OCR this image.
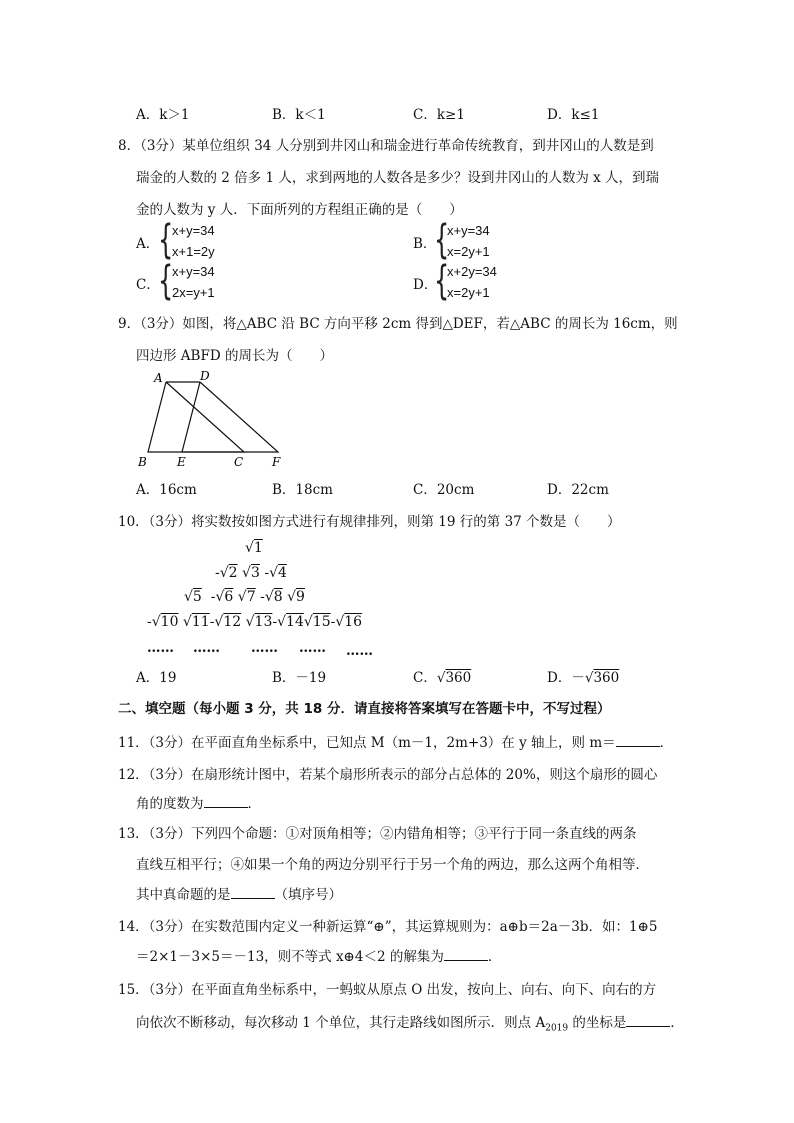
A．k＞1	B．k＜1	C．k≥1	D．k≤1
8．（3分）某单位组织 34 人分别到井冈山和瑞金进行革命传统教育，到井冈山的人数是到
瑞金的人数的 2 倍多 1 人，求到两地的人数各是多少？设到井冈山的人数为 x 人，到瑞
金的人数为 y 人．下面所列的方程组正确的是（　　）
A．
{
x+y=34
x+1=2y	B．
{
x+y=34
x=2y+1
C．
{
x+y=34
2x=y+1	D．
{
x+2y=34
x=2y+1
9．（3分）如图，将△ABC 沿 BC 方向平移 2cm 得到△DEF，若△ABC 的周长为 16cm，则
四边形 ABFD 的周长为（　　）
A	D
B	E	C F
A．16cm	B．18cm	C．20cm	D．22cm
10．（3分）将实数按如图方式进行有规律排列，则第 19 行的第 37 个数是（　　）
√1
-√2 √3 -√4
√5 -√6 √7 -√8 √9
-√10 √11-√12 √13-√14√15-√16
…… …… …… …… ……
A．19	B．－19	C．√360	D．－√360
二、填空题（每小题 3 分，共 18 分．请直接将答案填写在答题卡中，不写过程）
11．（3分）在平面直角坐标系中，已知点 M（m－1，2m+3）在 y 轴上，则 m＝	．
12．（3分）在扇形统计图中，若某个扇形所表示的部分占总体的 20%，则这个扇形的圆心
角的度数为	．
13．（3分）下列四个命题：①对顶角相等；②内错角相等；③平行于同一条直线的两条
直线互相平行；④如果一个角的两边分别平行于另一个角的两边，那么这两个角相等．
其中真命题的是	（填序号）
14．（3分）在实数范围内定义一种新运算“⊕”，其运算规则为：a⊕b＝2a－3b．如：1⊕5
＝2×1－3×5＝－13，则不等式 x⊕4＜2 的解集为	．
15．（3分）在平面直角坐标系中，一蚂蚁从原点 O 出发，按向上、向右、向下、向右的方
向依次不断移动，每次移动 1 个单位，其行走路线如图所示．则点 $A_{2019}$ 的坐标是	．
